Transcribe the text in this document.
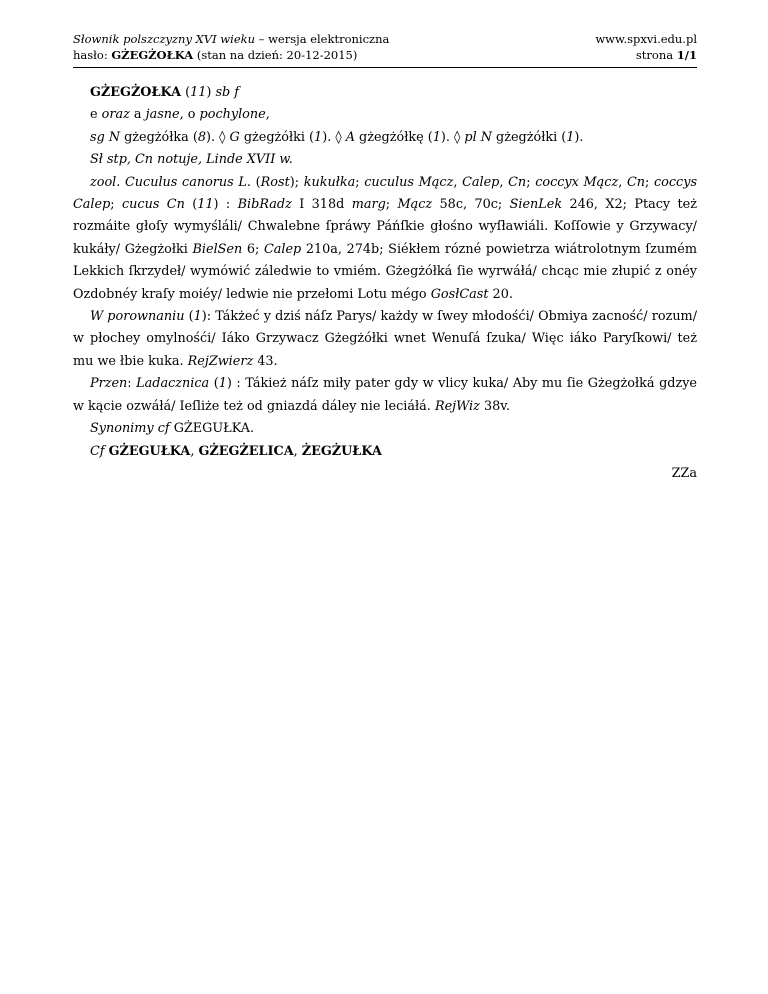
Słownik polszczyzny XVI wieku – wersja elektroniczna
hasło: GŻEGŻOŁKA (stan na dzień: 20-12-2015)
www.spxvi.edu.pl
strona 1/1

GŻEGŻOŁKA (11) sb f

e oraz a jasne, o pochylone,

sg N gżegżółka (8). ◊ G gżegżółki (1). ◊ A gżegżółkę (1). ◊ pl N gżegżółki (1).

Sł stp, Cn notuje, Linde XVII w.

zool. Cuculus canorus L. (Rost); kukułka; cuculus Mącz, Calep, Cn; coccyx Mącz, Cn; coccys Calep; cucus Cn (11) : BibRadz I 318d marg; Mącz 58c, 70c; SienLek 246, X2; Ptacy też rozmáite głoſy wymyśláli/ Chwalebne ſpráwy Páńſkie głośno wyſławiáli. Koſſowie y Grzywacy/ kukáły/ Gżegżołki BielSen 6; Calep 210a, 274b; Siékłem rózné powietrza wiátrolotnym ſzumém Lekkich ſkrzydeł/ wymówić záledwie to vmiém. Gżegżółká ſie wyrwáłá/ chcąc mie złupić z onéy Ozdobnéy kraſy moiéy/ ledwie nie przełomi Lotu mégo GosłCast 20.

W porownaniu (1): Tákżeć y dziś náſz Parys/ każdy w ſwey młodośći/ Obmiya zacność/ rozum/ w płochey omylnośći/ Iáko Grzywacz Gżegżółki wnet Wenuſá ſzuka/ Więc iáko Paryſkowi/ też mu we łbie kuka. RejZwierz 43.

Przen: Ladacznica (1) : Tákież náſz miły pater gdy w vlicy kuka/ Aby mu ſie Gżegżołká gdzye w kącie ozwáłá/ Ieſliże też od gniazdá dáley nie leciáłá. RejWiz 38v.

Synonimy cf GŻEGUŁKA.

Cf GŻEGUŁKA, GŻEGŻELICA, ŻEGŻUŁKA

ZZa
